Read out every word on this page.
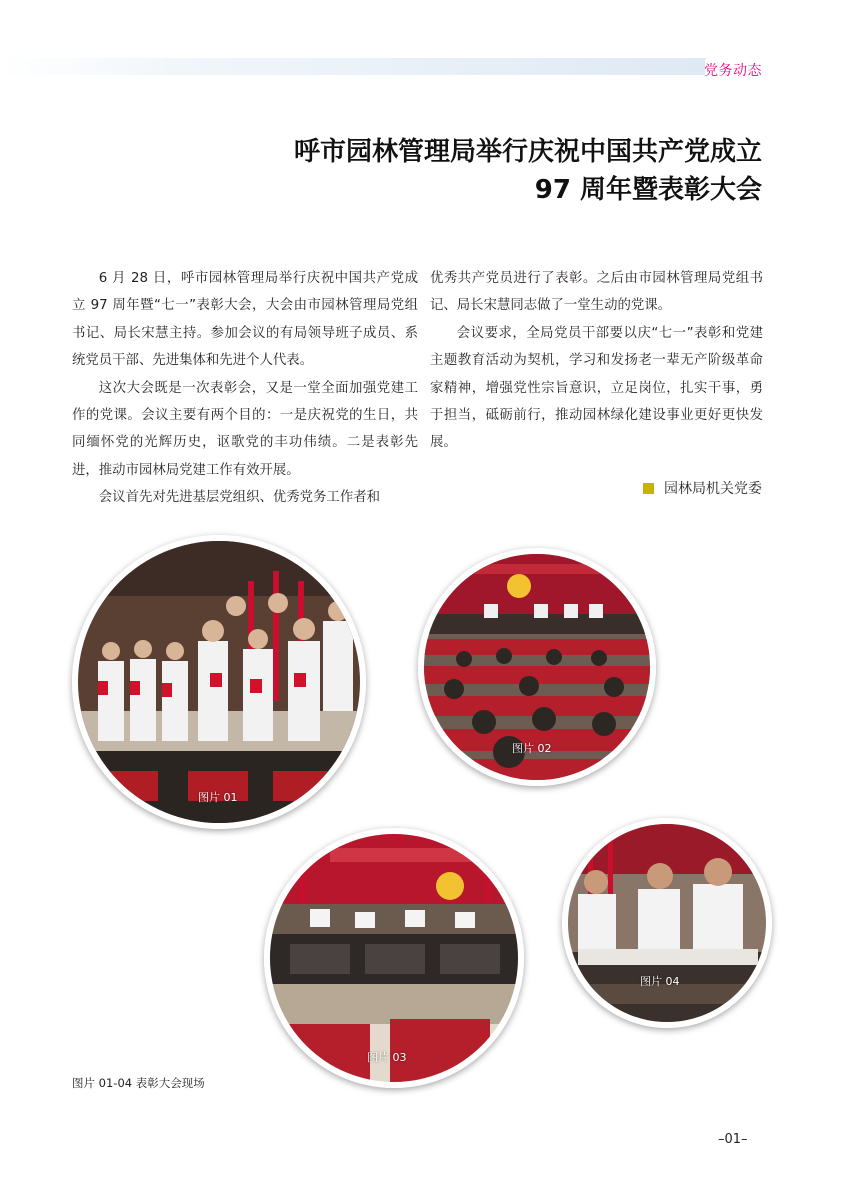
党务动态
呼市园林管理局举行庆祝中国共产党成立
97 周年暨表彰大会

6 月 28 日，呼市园林管理局举行庆祝中国共产党成立 97 周年暨“七一”表彰大会，大会由市园林管理局党组书记、局长宋慧主持。参加会议的有局领导班子成员、系统党员干部、先进集体和先进个人代表。

这次大会既是一次表彰会，又是一堂全面加强党建工作的党课。会议主要有两个目的：一是庆祝党的生日，共同缅怀党的光辉历史，讴歌党的丰功伟绩。二是表彰先进，推动市园林局党建工作有效开展。

会议首先对先进基层党组织、优秀党务工作者和

优秀共产党员进行了表彰。之后由市园林管理局党组书记、局长宋慧同志做了一堂生动的党课。

会议要求，全局党员干部要以庆“七一”表彰和党建主题教育活动为契机，学习和发扬老一辈无产阶级革命家精神，增强党性宗旨意识，立足岗位，扎实干事，勇于担当，砥砺前行，推动园林绿化建设事业更好更快发展。

园林局机关党委
图片 01
图片 02
图片 03
图片 04
图片 01-04 表彰大会现场
–01–
